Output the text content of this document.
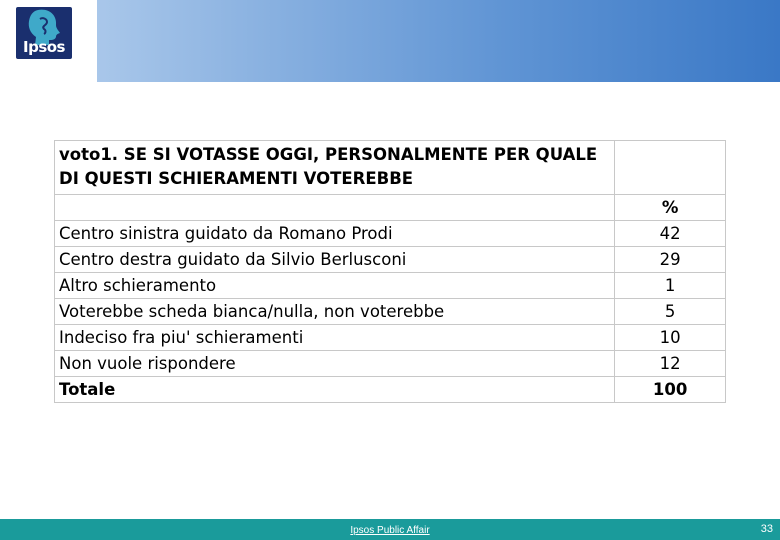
Ipsos
voto1. SE SI VOTASSE OGGI, PERSONALMENTE PER QUALE DI QUESTI SCHIERAMENTI VOTEREBBE	
	%
Centro sinistra guidato da Romano Prodi	42
Centro destra guidato da Silvio Berlusconi	29
Altro schieramento	1
Voterebbe scheda bianca/nulla, non voterebbe	5
Indeciso fra piu' schieramenti	10
Non vuole rispondere	12
Totale	100
Ipsos Public Affair	33
